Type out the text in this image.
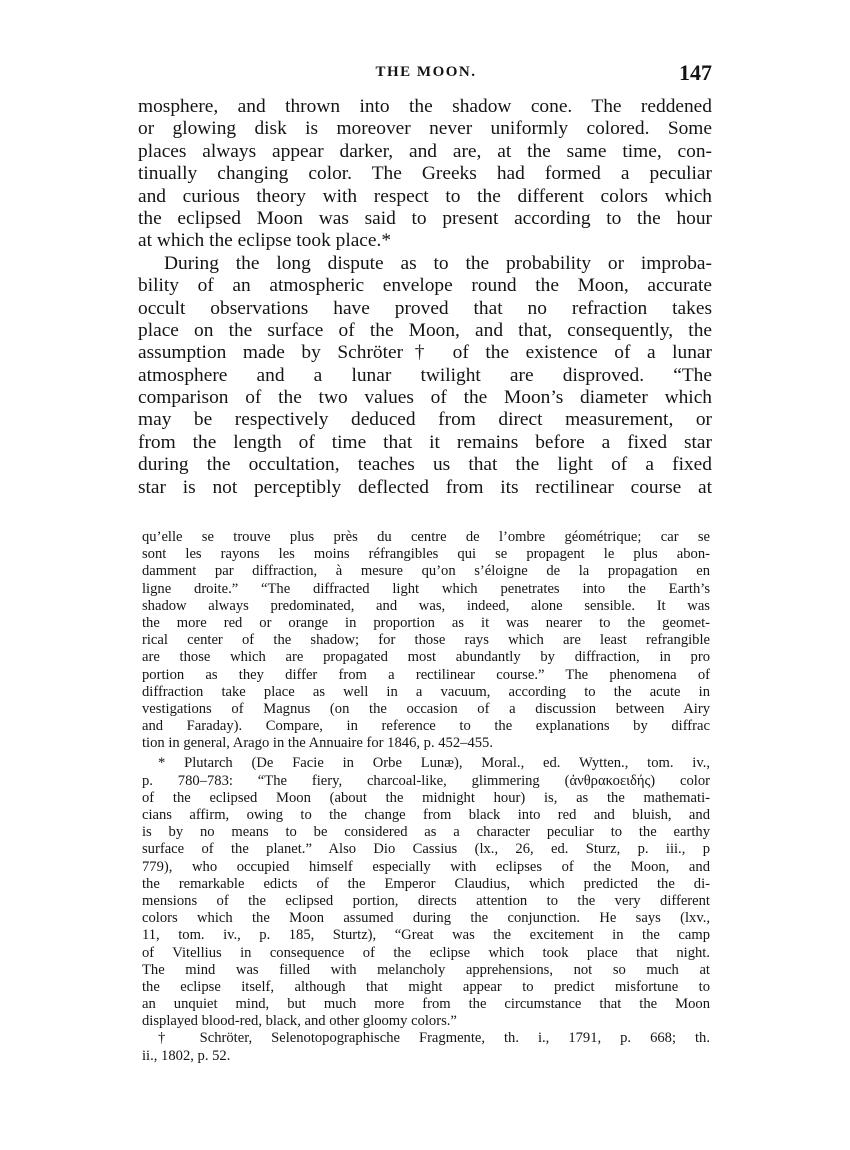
THE MOON.	147
mosphere, and thrown into the shadow cone. The reddened
or glowing disk is moreover never uniformly colored. Some
places always appear darker, and are, at the same time, con-
tinually changing color. The Greeks had formed a peculiar
and curious theory with respect to the different colors which
the eclipsed Moon was said to present according to the hour
at which the eclipse took place.*
During the long dispute as to the probability or improba-
bility of an atmospheric envelope round the Moon, accurate
occult observations have proved that no refraction takes
place on the surface of the Moon, and that, consequently, the
assumption made by Schröter† of the existence of a lunar
atmosphere and a lunar twilight are disproved. “The
comparison of the two values of the Moon’s diameter which
may be respectively deduced from direct measurement, or
from the length of time that it remains before a fixed star
during the occultation, teaches us that the light of a fixed
star is not perceptibly deflected from its rectilinear course at
qu’elle se trouve plus près du centre de l’ombre géométrique; car se
sont les rayons les moins réfrangibles qui se propagent le plus abon-
damment par diffraction, à mesure qu’on s’éloigne de la propagation en
ligne droite.” “The diffracted light which penetrates into the Earth’s
shadow always predominated, and was, indeed, alone sensible. It was
the more red or orange in proportion as it was nearer to the geomet-
rical center of the shadow; for those rays which are least refrangible
are those which are propagated most abundantly by diffraction, in pro
portion as they differ from a rectilinear course.” The phenomena of
diffraction take place as well in a vacuum, according to the acute in
vestigations of Magnus (on the occasion of a discussion between Airy
and Faraday). Compare, in reference to the explanations by diffrac
tion in general, Arago in the Annuaire for 1846, p. 452–455.
* Plutarch (De Facie in Orbe Lunæ), Moral., ed. Wytten., tom. iv.,
p. 780–783: “The fiery, charcoal-like, glimmering (ἀνθρακοειδής) color
of the eclipsed Moon (about the midnight hour) is, as the mathemati-
cians affirm, owing to the change from black into red and bluish, and
is by no means to be considered as a character peculiar to the earthy
surface of the planet.” Also Dio Cassius (lx., 26, ed. Sturz, p. iii., p
779), who occupied himself especially with eclipses of the Moon, and
the remarkable edicts of the Emperor Claudius, which predicted the di-
mensions of the eclipsed portion, directs attention to the very different
colors which the Moon assumed during the conjunction. He says (lxv.,
11, tom. iv., p. 185, Sturtz), “Great was the excitement in the camp
of Vitellius in consequence of the eclipse which took place that night.
The mind was filled with melancholy apprehensions, not so much at
the eclipse itself, although that might appear to predict misfortune to
an unquiet mind, but much more from the circumstance that the Moon
displayed blood-red, black, and other gloomy colors.”
† Schröter, Selenotopographische Fragmente, th. i., 1791, p. 668; th.
ii., 1802, p. 52.
